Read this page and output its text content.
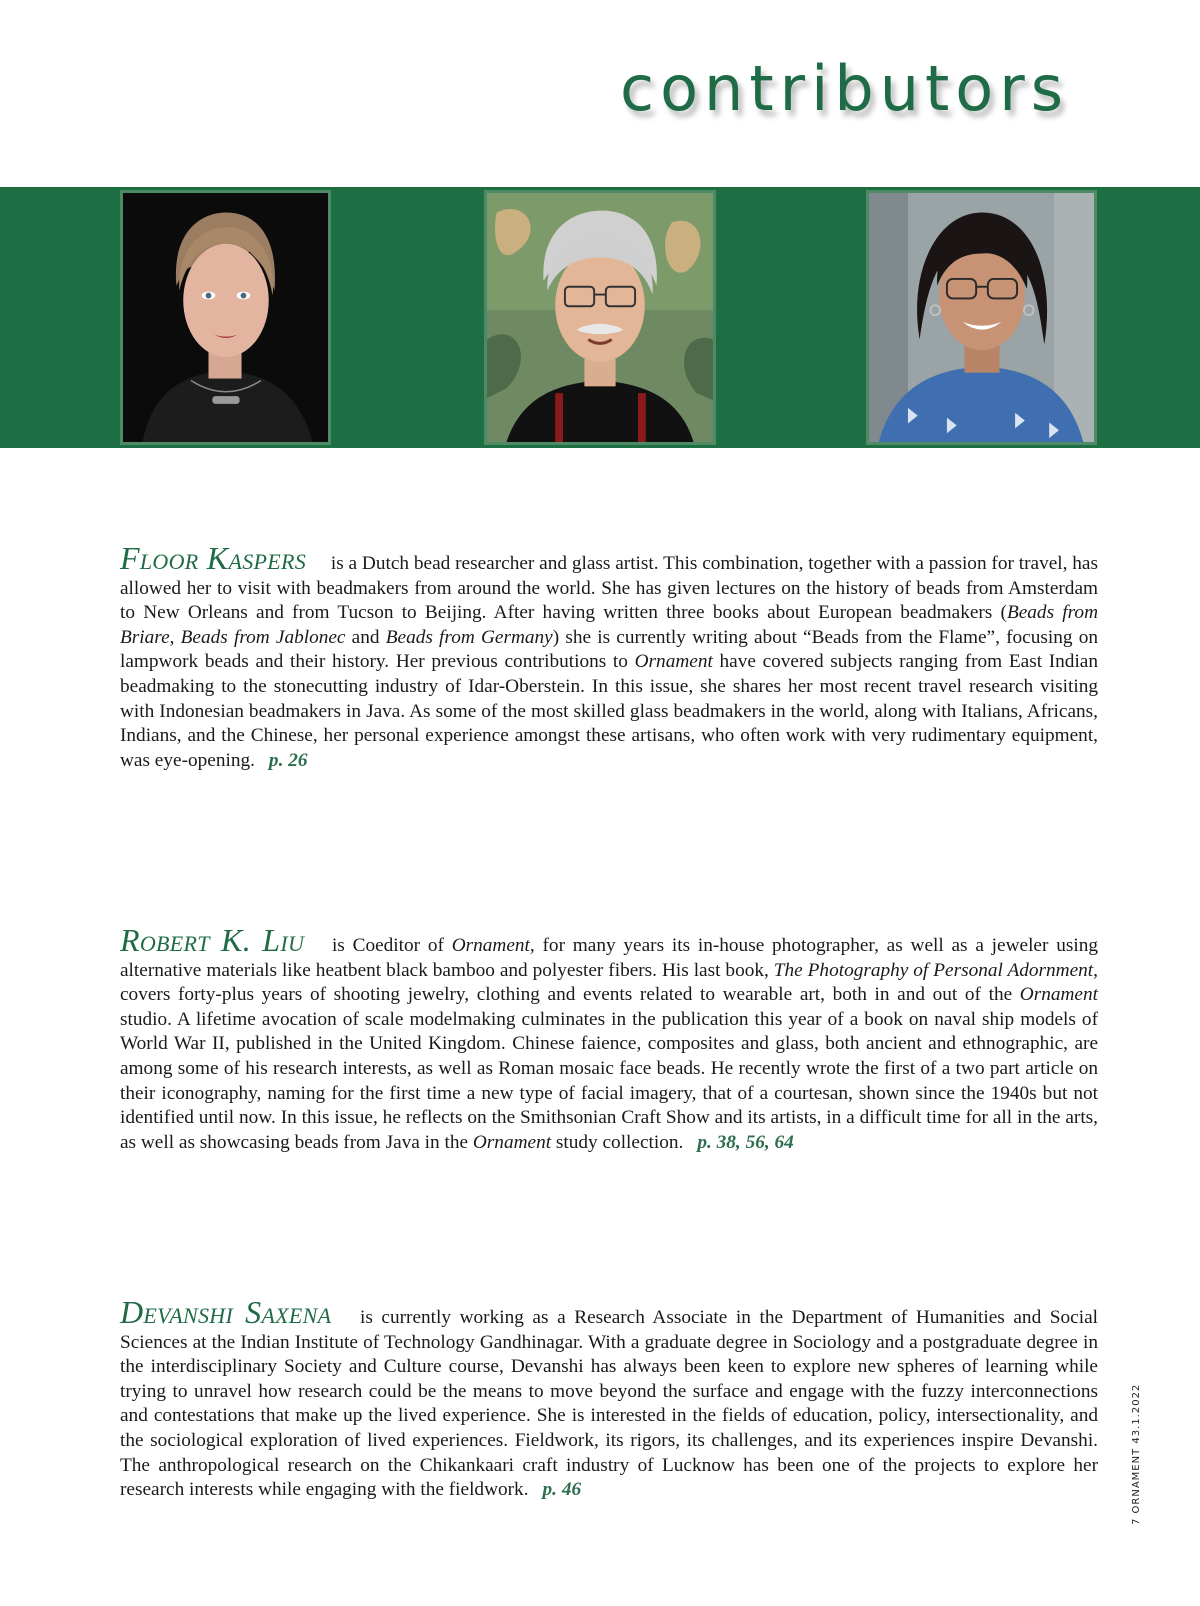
contributors

Floor Kaspers is a Dutch bead researcher and glass artist. This combination, together with a passion for travel, has allowed her to visit with beadmakers from around the world. She has given lectures on the history of beads from Amsterdam to New Orleans and from Tucson to Beijing. After having written three books about European beadmakers (Beads from Briare, Beads from Jablonec and Beads from Germany) she is currently writing about “Beads from the Flame”, focusing on lampwork beads and their history. Her previous contributions to Ornament have covered subjects ranging from East Indian beadmaking to the stonecutting industry of Idar-Oberstein. In this issue, she shares her most recent travel research visiting with Indonesian beadmakers in Java. As some of the most skilled glass beadmakers in the world, along with Italians, Africans, Indians, and the Chinese, her personal experience amongst these artisans, who often work with very rudimentary equipment, was eye-opening. p. 26

Robert K. Liu is Coeditor of Ornament, for many years its in-house photographer, as well as a jeweler using alternative materials like heatbent black bamboo and polyester fibers. His last book, The Photography of Personal Adornment, covers forty-plus years of shooting jewelry, clothing and events related to wearable art, both in and out of the Ornament studio. A lifetime avocation of scale modelmaking culminates in the publication this year of a book on naval ship models of World War II, published in the United Kingdom. Chinese faience, composites and glass, both ancient and ethnographic, are among some of his research interests, as well as Roman mosaic face beads. He recently wrote the first of a two part article on their iconography, naming for the first time a new type of facial imagery, that of a courtesan, shown since the 1940s but not identified until now. In this issue, he reflects on the Smithsonian Craft Show and its artists, in a difficult time for all in the arts, as well as showcasing beads from Java in the Ornament study collection. p. 38, 56, 64

Devanshi Saxena is currently working as a Research Associate in the Department of Humanities and Social Sciences at the Indian Institute of Technology Gandhinagar. With a graduate degree in Sociology and a postgraduate degree in the interdisciplinary Society and Culture course, Devanshi has always been keen to explore new spheres of learning while trying to unravel how research could be the means to move beyond the surface and engage with the fuzzy interconnections and contestations that make up the lived experience. She is interested in the fields of education, policy, intersectionality, and the sociological exploration of lived experiences. Fieldwork, its rigors, its challenges, and its experiences inspire Devanshi. The anthropological research on the Chikankaari craft industry of Lucknow has been one of the projects to explore her research interests while engaging with the fieldwork. p. 46	7 ORNAMENT 43.1.2022
